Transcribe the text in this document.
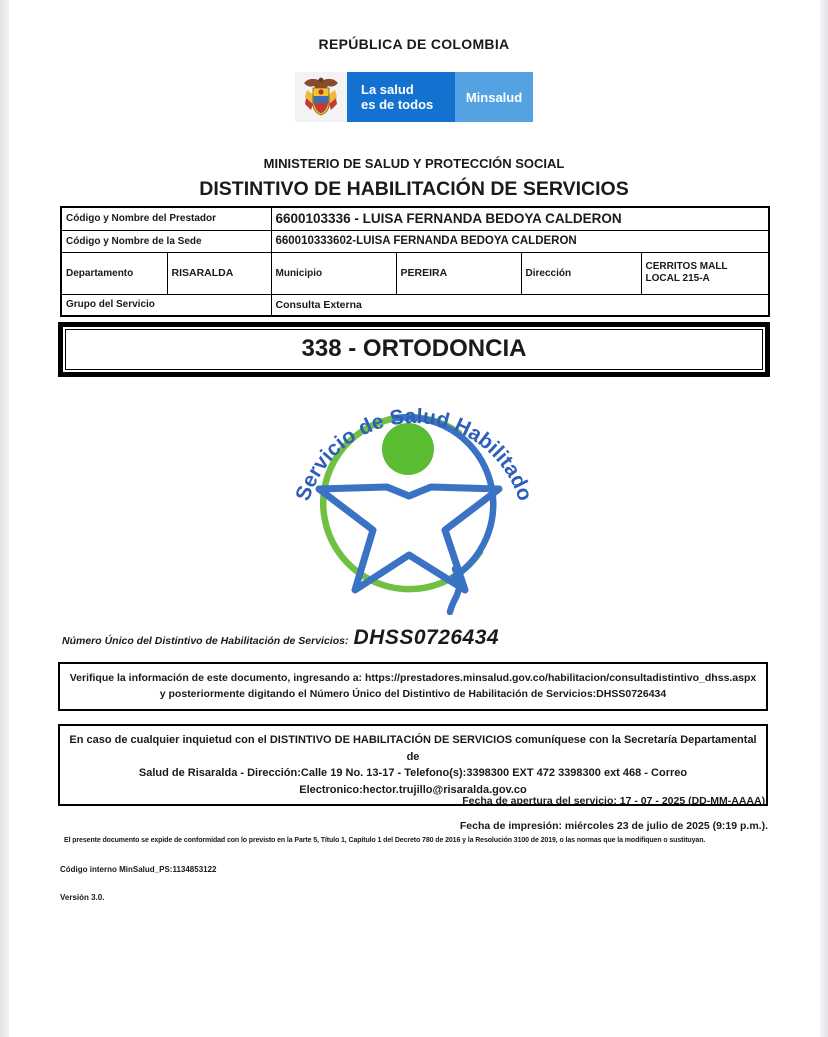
REPÚBLICA DE COLOMBIA
La salud
es de todos	Minsalud
MINISTERIO DE SALUD Y PROTECCIÓN SOCIAL
DISTINTIVO DE HABILITACIÓN DE SERVICIOS
Código y Nombre del Prestador		6600103336 - LUISA FERNANDA BEDOYA CALDERON			
Código y Nombre de la Sede		660010333602-LUISA FERNANDA BEDOYA CALDERON			
Departamento	RISARALDA	Municipio	PEREIRA	Dirección	CERRITOS MALL LOCAL 215-A
Grupo del Servicio		Consulta Externa			
338 - ORTODONCIA
Servicio de Salud Habilitado
Número Único del Distintivo de Habilitación de Servicios: DHSS0726434
Verifique la información de este documento, ingresando a: https://prestadores.minsalud.gov.co/habilitacion/consultadistintivo_dhss.aspx
y posteriormente digitando el Número Único del Distintivo de Habilitación de Servicios:DHSS0726434
En caso de cualquier inquietud con el DISTINTIVO DE HABILITACIÓN DE SERVICIOS comuníquese con la Secretaría Departamental de
Salud de Risaralda - Dirección:Calle 19 No. 13-17 - Telefono(s):3398300 EXT 472 3398300 ext 468 - Correo
Electronico:hector.trujillo@risaralda.gov.co
Fecha de apertura del servicio: 17 - 07 - 2025 (DD-MM-AAAA).
Fecha de impresión: miércoles 23 de julio de 2025 (9:19 p.m.).
El presente documento se expide de conformidad con lo previsto en la Parte 5, Título 1, Capítulo 1 del Decreto 780 de 2016 y la Resolución 3100 de 2019, o las normas que la modifiquen o sustituyan.
Código interno MinSalud_PS:1134853122
Versión 3.0.
